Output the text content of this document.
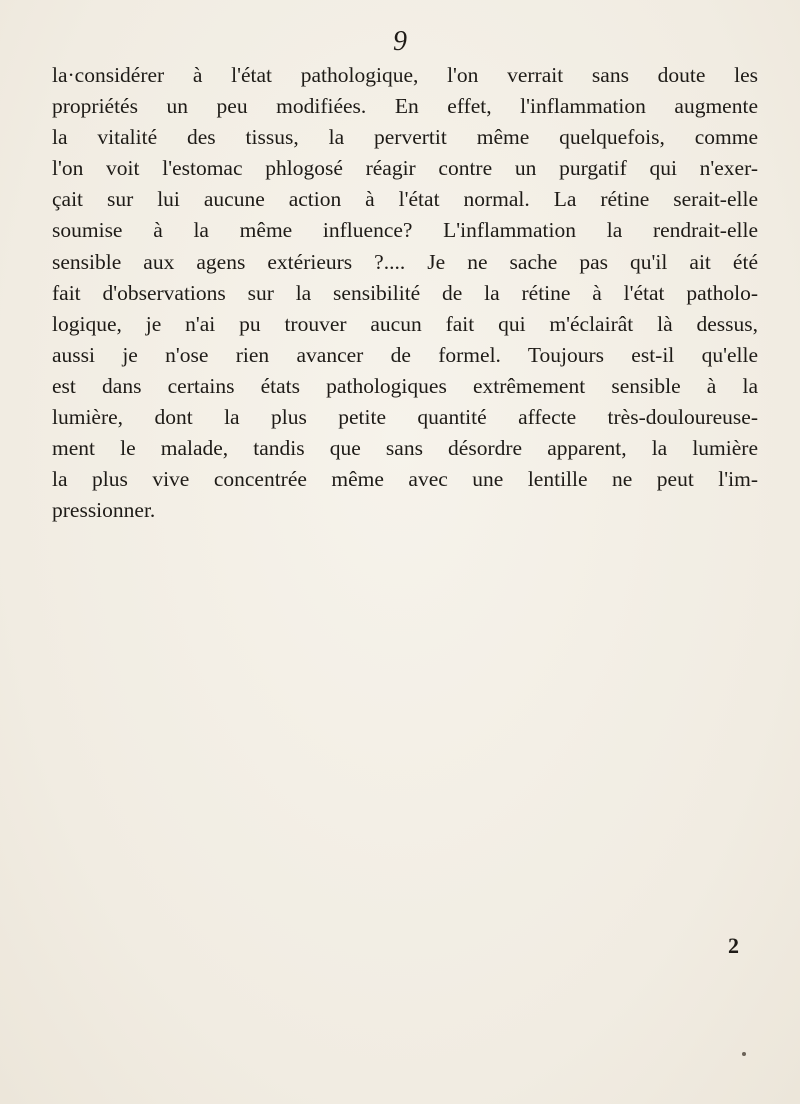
9
la·considérer à l'état pathologique, l'on verrait sans doute les
propriétés un peu modifiées. En effet, l'inflammation augmente
la vitalité des tissus, la pervertit même quelquefois, comme
l'on voit l'estomac phlogosé réagir contre un purgatif qui n'exer-
çait sur lui aucune action à l'état normal. La rétine serait-elle
soumise à la même influence? L'inflammation la rendrait-elle
sensible aux agens extérieurs ?.... Je ne sache pas qu'il ait été
fait d'observations sur la sensibilité de la rétine à l'état patholo-
logique, je n'ai pu trouver aucun fait qui m'éclairât là dessus,
aussi je n'ose rien avancer de formel. Toujours est-il qu'elle
est dans certains états pathologiques extrêmement sensible à la
lumière, dont la plus petite quantité affecte très-douloureuse-
ment le malade, tandis que sans désordre apparent, la lumière
la plus vive concentrée même avec une lentille ne peut l'im-
pressionner.
2
